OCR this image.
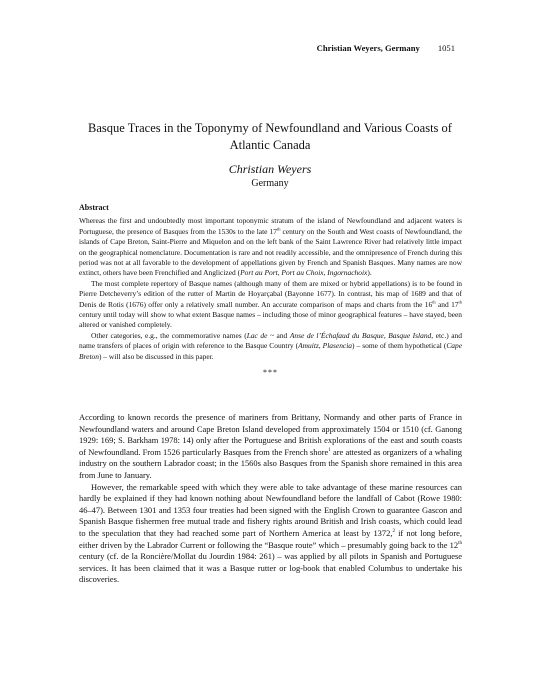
Christian Weyers, Germany 1051
Basque Traces in the Toponymy of Newfoundland and Various Coasts of Atlantic Canada
Christian Weyers
Germany
Abstract

Whereas the first and undoubtedly most important toponymic stratum of the island of Newfoundland and adjacent waters is Portuguese, the presence of Basques from the 1530s to the late 17th century on the South and West coasts of Newfoundland, the islands of Cape Breton, Saint-Pierre and Miquelon and on the left bank of the Saint Lawrence River had relatively little impact on the geographical nomenclature. Documentation is rare and not readily accessible, and the omnipresence of French during this period was not at all favorable to the development of appellations given by French and Spanish Basques. Many names are now extinct, others have been Frenchified and Anglicized (Port au Port, Port au Choix, Ingornachoix).

The most complete repertory of Basque names (although many of them are mixed or hybrid appellations) is to be found in Pierre Detcheverry’s edition of the rutter of Martin de Hoyarçabal (Bayonne 1677). In contrast, his map of 1689 and that of Denis de Rotis (1676) offer only a relatively small number. An accurate comparison of maps and charts from the 16th and 17th century until today will show to what extent Basque names – including those of minor geographical features – have stayed, been altered or vanished completely.

Other categories, e.g., the commemorative names (Lac de ~ and Anse de l’Échafaud du Basque, Basque Island, etc.) and name transfers of places of origin with reference to the Basque Country (Amuitz, Plasencia) – some of them hypothetical (Cape Breton) – will also be discussed in this paper.

***

According to known records the presence of mariners from Brittany, Normandy and other parts of France in Newfoundland waters and around Cape Breton Island developed from approximately 1504 or 1510 (cf. Ganong 1929: 169; S. Barkham 1978: 14) only after the Portuguese and British explorations of the east and south coasts of Newfoundland. From 1526 particularly Basques from the French shore$^1$ are attested as organizers of a whaling industry on the southern Labrador coast; in the 1560s also Basques from the Spanish shore remained in this area from June to January.

However, the remarkable speed with which they were able to take advantage of these marine resources can hardly be explained if they had known nothing about Newfoundland before the landfall of Cabot (Rowe 1980: 46–47). Between 1301 and 1353 four treaties had been signed with the English Crown to guarantee Gascon and Spanish Basque fishermen free mutual trade and fishery rights around British and Irish coasts, which could lead to the speculation that they had reached some part of Northern America at least by 1372,$^2$ if not long before, either driven by the Labrador Current or following the “Basque route” which – presumably going back to the 12th century (cf. de la Roncière/Mollat du Jourdin 1984: 261) – was applied by all pilots in Spanish and Portuguese services. It has been claimed that it was a Basque rutter or log-book that enabled Columbus to undertake his discoveries.
